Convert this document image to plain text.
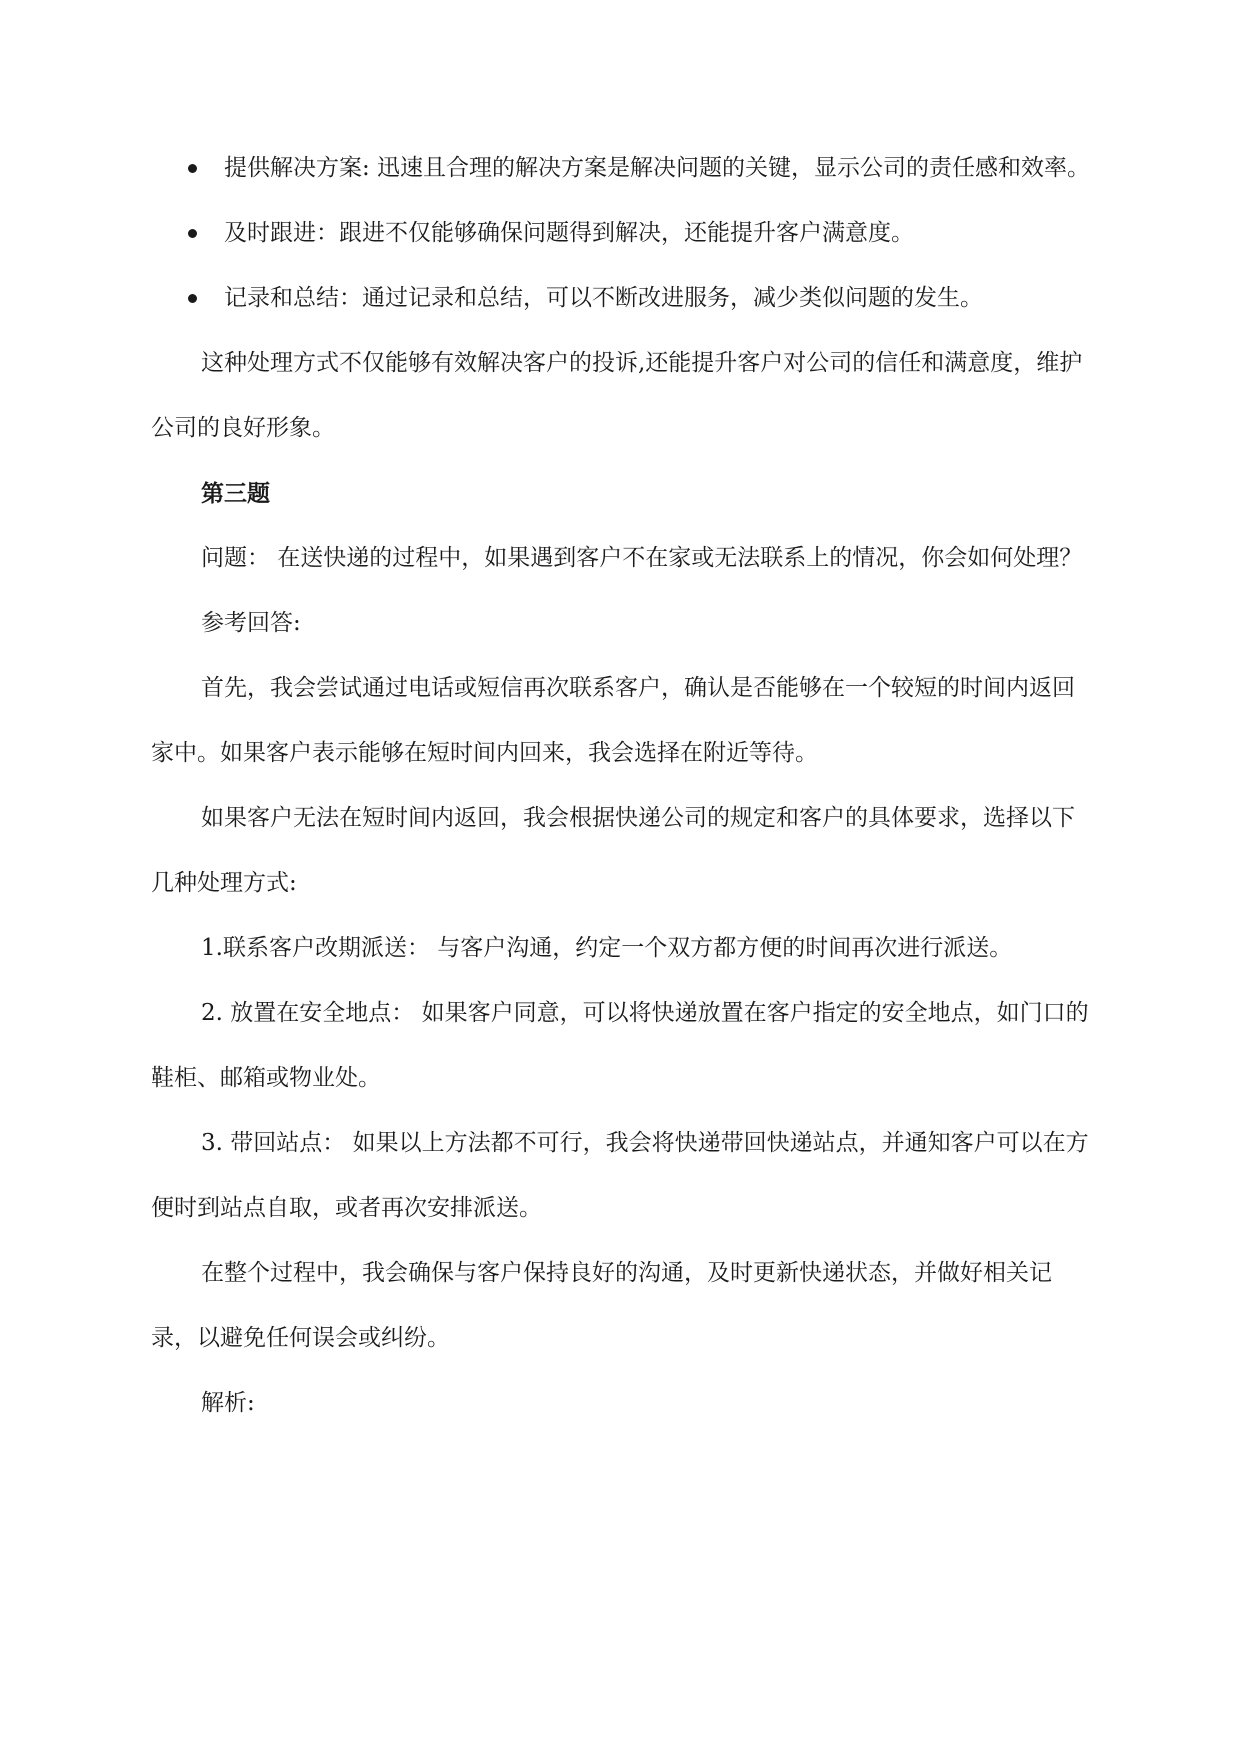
提供解决方案: 迅速且合理的解决方案是解决问题的关键，显示公司的责任感和效率。
及时跟进：跟进不仅能够确保问题得到解决，还能提升客户满意度。
记录和总结：通过记录和总结，可以不断改进服务，减少类似问题的发生。

这种处理方式不仅能够有效解决客户的投诉,还能提升客户对公司的信任和满意度，维护公司的良好形象。

第三题

问题： 在送快递的过程中，如果遇到客户不在家或无法联系上的情况，你会如何处理？

参考回答:

首先，我会尝试通过电话或短信再次联系客户，确认是否能够在一个较短的时间内返回家中。如果客户表示能够在短时间内回来，我会选择在附近等待。

如果客户无法在短时间内返回，我会根据快递公司的规定和客户的具体要求，选择以下几种处理方式:

1.联系客户改期派送： 与客户沟通，约定一个双方都方便的时间再次进行派送。

2. 放置在安全地点： 如果客户同意，可以将快递放置在客户指定的安全地点，如门口的鞋柜、邮箱或物业处。

3. 带回站点： 如果以上方法都不可行，我会将快递带回快递站点，并通知客户可以在方便时到站点自取，或者再次安排派送。

在整个过程中，我会确保与客户保持良好的沟通，及时更新快递状态，并做好相关记录，以避免任何误会或纠纷。

解析:
